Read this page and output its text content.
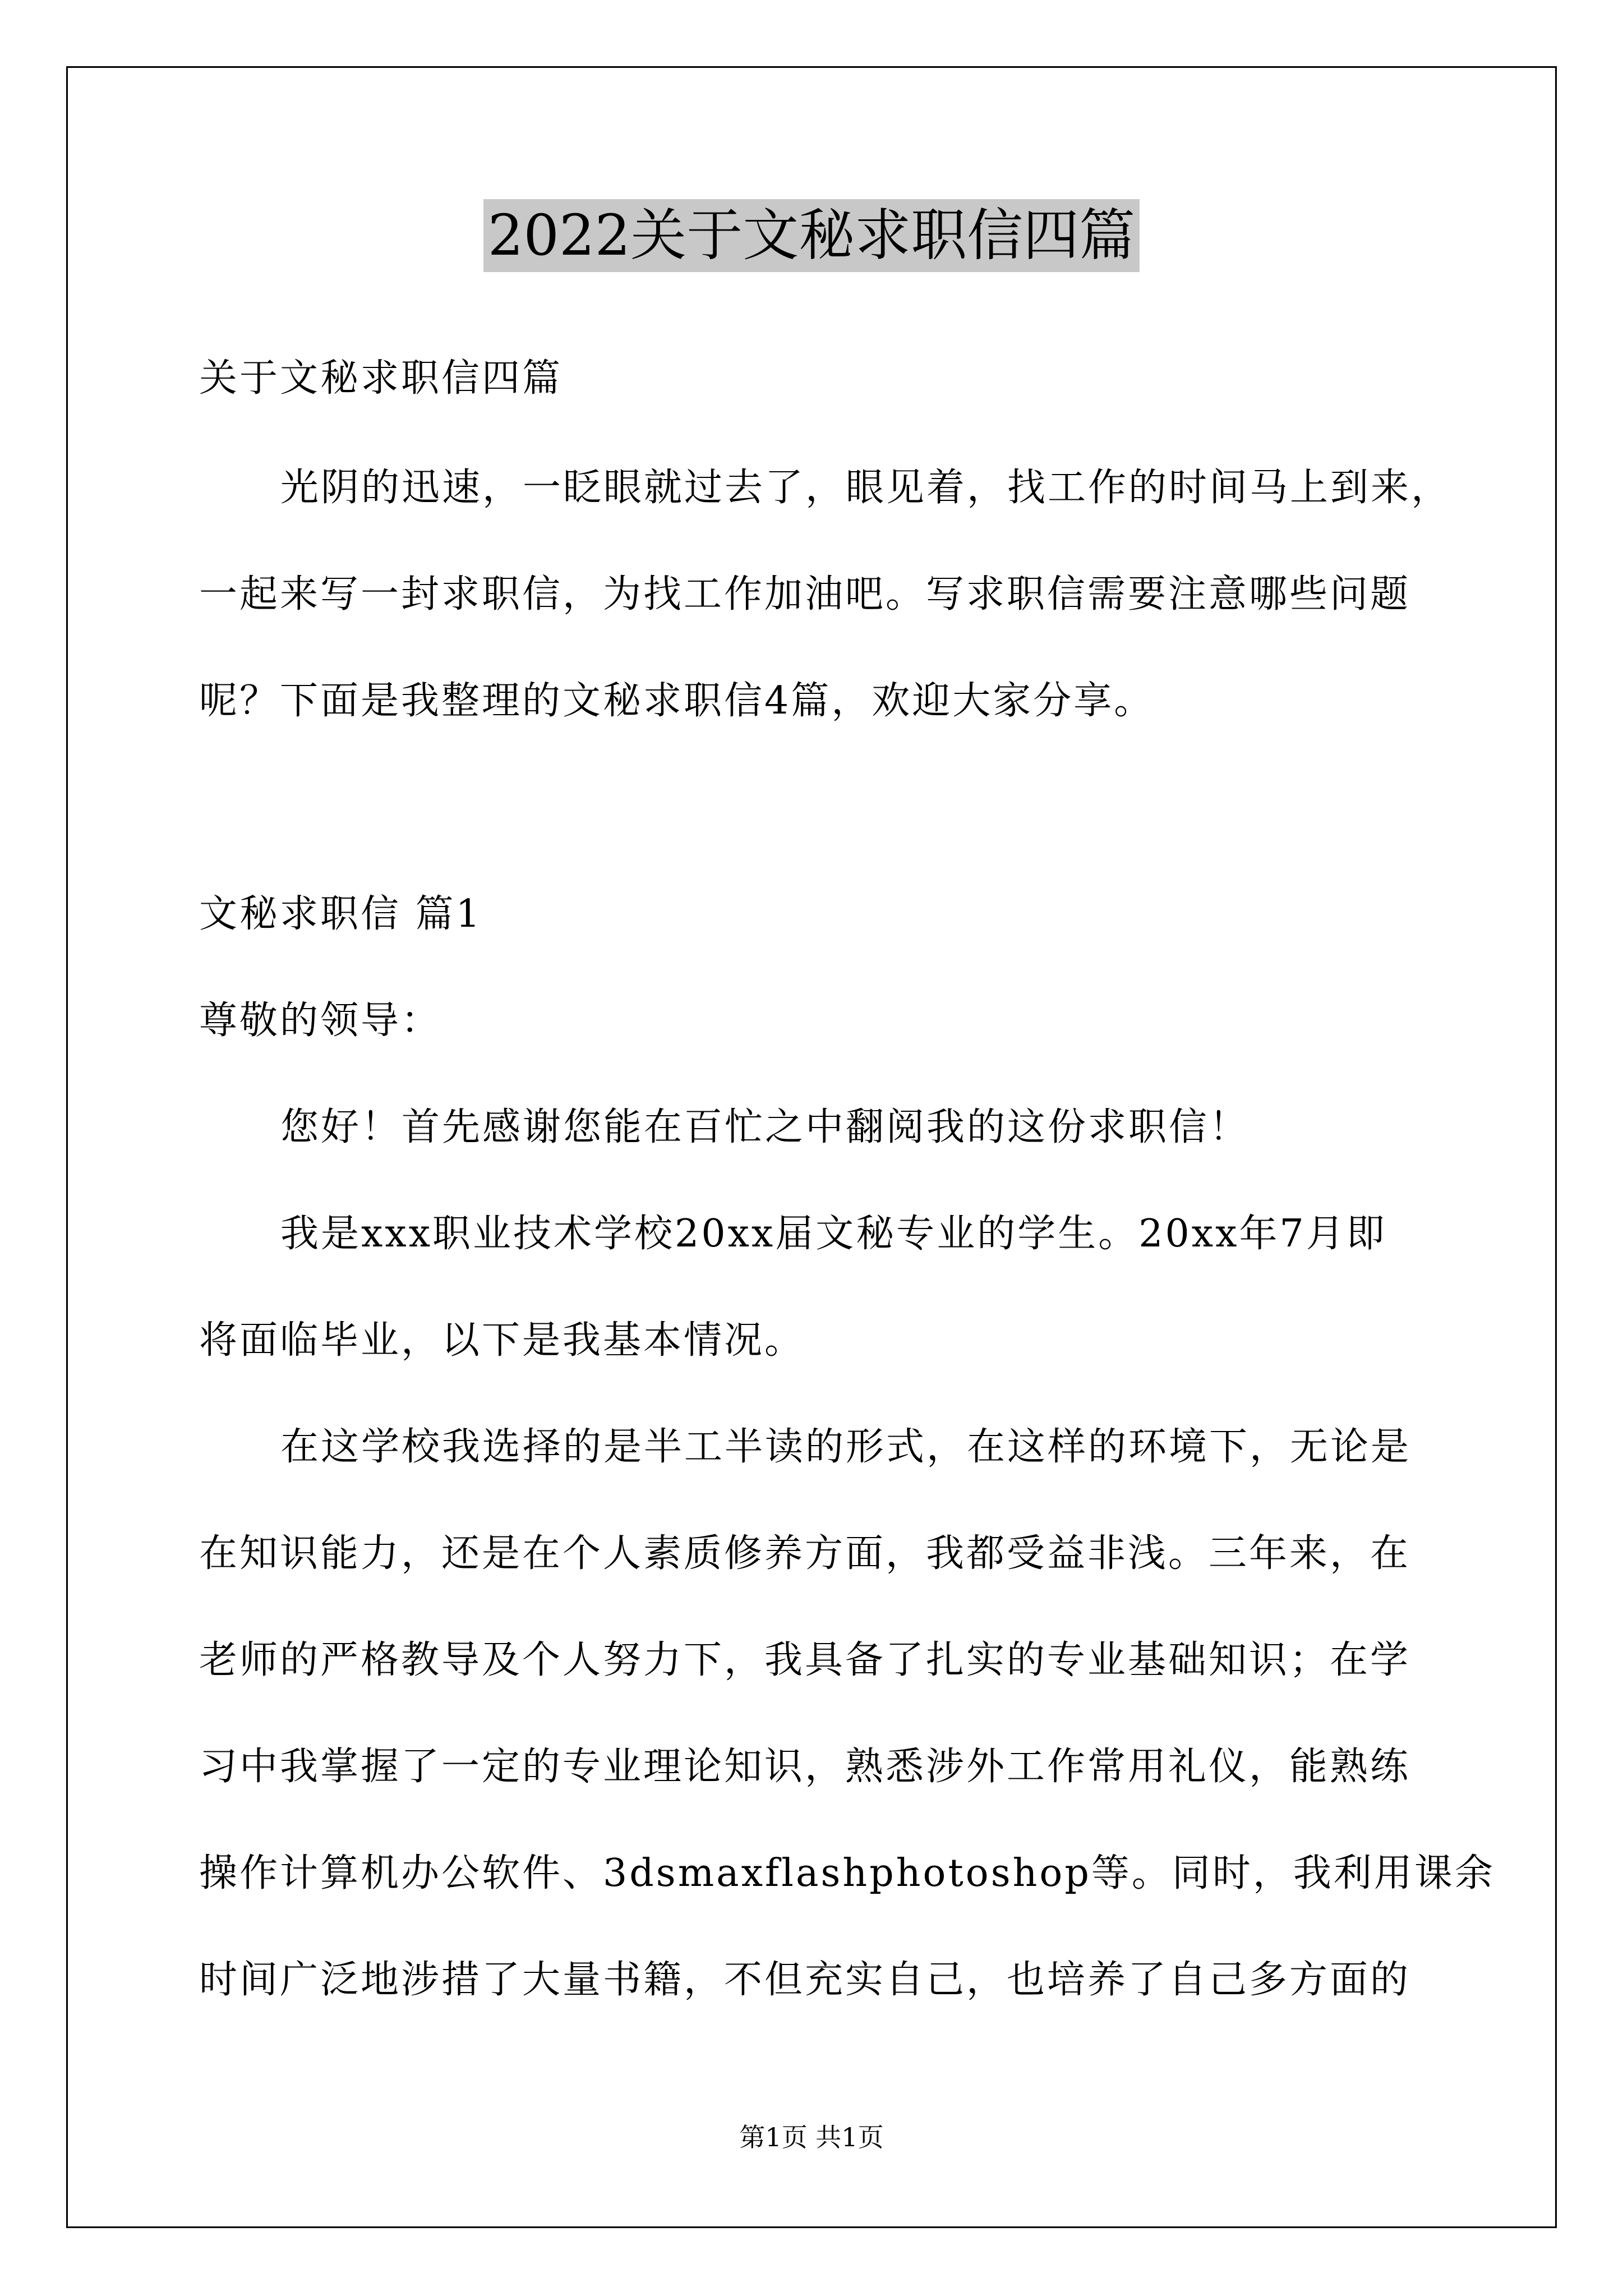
2022关于文秘求职信四篇
关于文秘求职信四篇
光阴的迅速，一眨眼就过去了，眼见着，找工作的时间马上到来，
一起来写一封求职信，为找工作加油吧。写求职信需要注意哪些问题
呢？下面是我整理的文秘求职信4篇，欢迎大家分享。
文秘求职信 篇1
尊敬的领导：
您好！首先感谢您能在百忙之中翻阅我的这份求职信！
我是xxx职业技术学校20xx届文秘专业的学生。20xx年7月即
将面临毕业，以下是我基本情况。
在这学校我选择的是半工半读的形式，在这样的环境下，无论是
在知识能力，还是在个人素质修养方面，我都受益非浅。三年来，在
老师的严格教导及个人努力下，我具备了扎实的专业基础知识；在学
习中我掌握了一定的专业理论知识，熟悉涉外工作常用礼仪，能熟练
操作计算机办公软件、3dsmaxflashphotoshop等。同时，我利用课余
时间广泛地涉措了大量书籍，不但充实自己，也培养了自己多方面的
第1页 共1页
